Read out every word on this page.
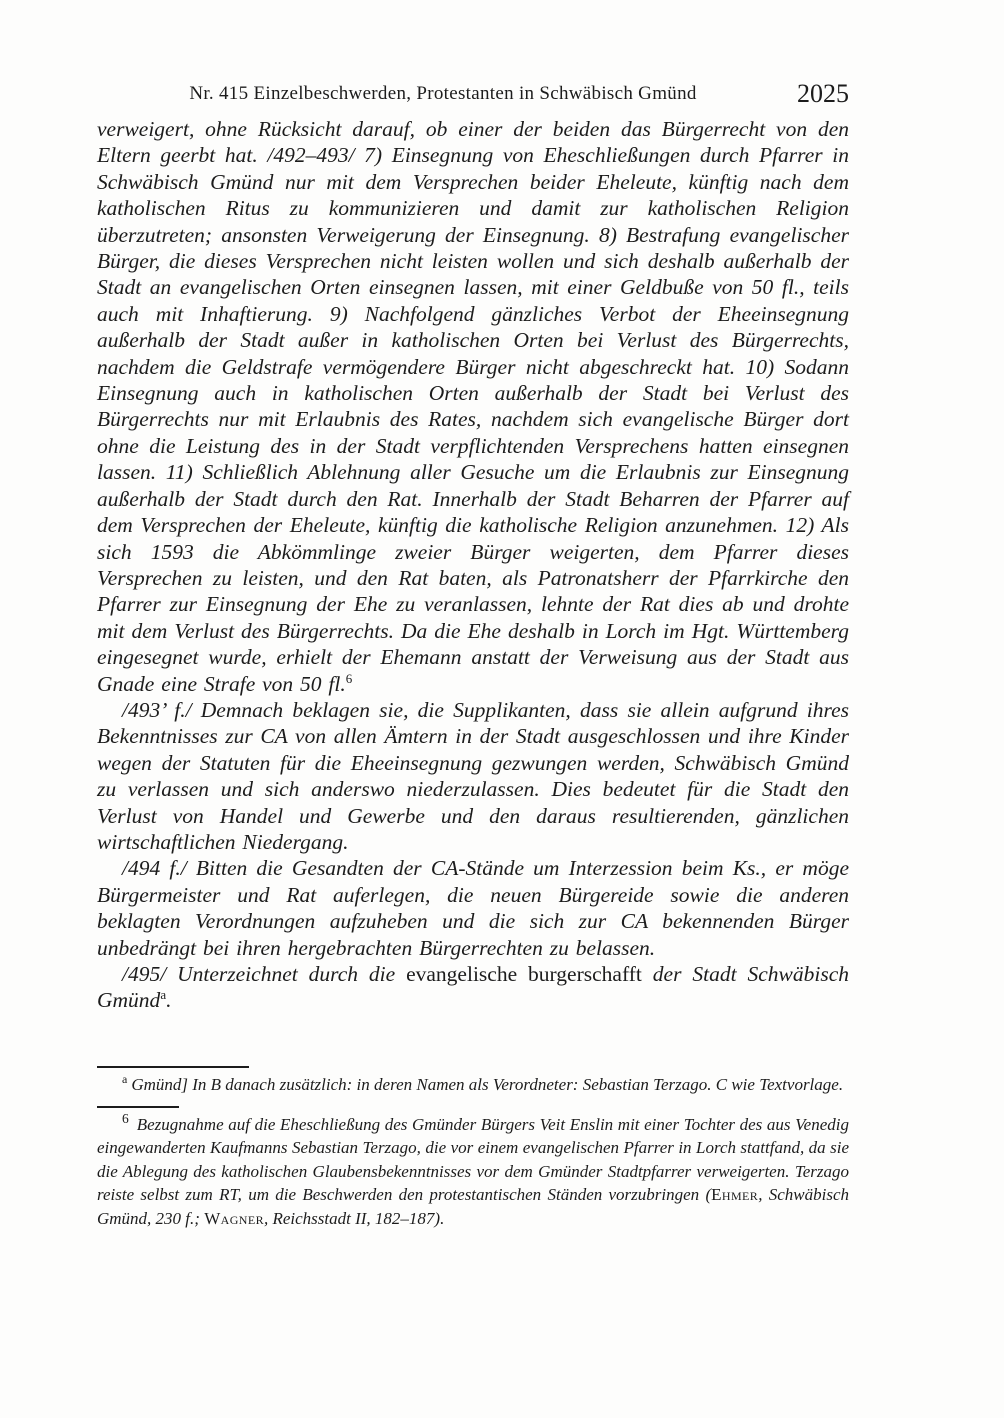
Nr. 415 Einzelbeschwerden, Protestanten in Schwäbisch Gmünd	2025

verweigert, ohne Rücksicht darauf, ob einer der beiden das Bürgerrecht von den Eltern geerbt hat. /492–493/ 7) Einsegnung von Eheschließungen durch Pfarrer in Schwäbisch Gmünd nur mit dem Versprechen beider Eheleute, künftig nach dem katholischen Ritus zu kommunizieren und damit zur katholischen Religion überzutreten; ansonsten Verweigerung der Einsegnung. 8) Bestrafung evangelischer Bürger, die dieses Versprechen nicht leisten wollen und sich deshalb außerhalb der Stadt an evangelischen Orten einsegnen lassen, mit einer Geldbuße von 50 fl., teils auch mit Inhaftierung. 9) Nachfolgend gänzliches Verbot der Eheeinsegnung außerhalb der Stadt außer in katholischen Orten bei Verlust des Bürgerrechts, nachdem die Geldstrafe vermögendere Bürger nicht abgeschreckt hat. 10) Sodann Einsegnung auch in katholischen Orten außerhalb der Stadt bei Verlust des Bürgerrechts nur mit Erlaubnis des Rates, nachdem sich evangelische Bürger dort ohne die Leistung des in der Stadt verpflichtenden Versprechens hatten einsegnen lassen. 11) Schließlich Ablehnung aller Gesuche um die Erlaubnis zur Einsegnung außerhalb der Stadt durch den Rat. Innerhalb der Stadt Beharren der Pfarrer auf dem Versprechen der Eheleute, künftig die katholische Religion anzunehmen. 12) Als sich 1593 die Abkömmlinge zweier Bürger weigerten, dem Pfarrer dieses Versprechen zu leisten, und den Rat baten, als Patronatsherr der Pfarrkirche den Pfarrer zur Einsegnung der Ehe zu veranlassen, lehnte der Rat dies ab und drohte mit dem Verlust des Bürgerrechts. Da die Ehe deshalb in Lorch im Hgt. Württemberg eingesegnet wurde, erhielt der Ehemann anstatt der Verweisung aus der Stadt aus Gnade eine Strafe von 50 fl.$^6$

/493’ f./ Demnach beklagen sie, die Supplikanten, dass sie allein aufgrund ihres Bekenntnisses zur CA von allen Ämtern in der Stadt ausgeschlossen und ihre Kinder wegen der Statuten für die Eheeinsegnung gezwungen werden, Schwäbisch Gmünd zu verlassen und sich anderswo niederzulassen. Dies bedeutet für die Stadt den Verlust von Handel und Gewerbe und den daraus resultierenden, gänzlichen wirtschaftlichen Niedergang.

/494 f./ Bitten die Gesandten der CA-Stände um Interzession beim Ks., er möge Bürgermeister und Rat auferlegen, die neuen Bürgereide sowie die anderen beklagten Verordnungen aufzuheben und die sich zur CA bekennenden Bürger unbedrängt bei ihren hergebrachten Bürgerrechten zu belassen.

/495/ Unterzeichnet durch die evangelische burgerschafft der Stadt Schwäbisch Gmünd$^a$.

$^a$ Gmünd] In B danach zusätzlich: in deren Namen als Verordneter: Sebastian Terzago. C wie Textvorlage.

$^6$ Bezugnahme auf die Eheschließung des Gmünder Bürgers Veit Enslin mit einer Tochter des aus Venedig eingewanderten Kaufmanns Sebastian Terzago, die vor einem evangelischen Pfarrer in Lorch stattfand, da sie die Ablegung des katholischen Glaubensbekenntnisses vor dem Gmünder Stadtpfarrer verweigerten. Terzago reiste selbst zum RT, um die Beschwerden den protestantischen Ständen vorzubringen (Ehmer, Schwäbisch Gmünd, 230 f.; Wagner, Reichsstadt II, 182–187).
